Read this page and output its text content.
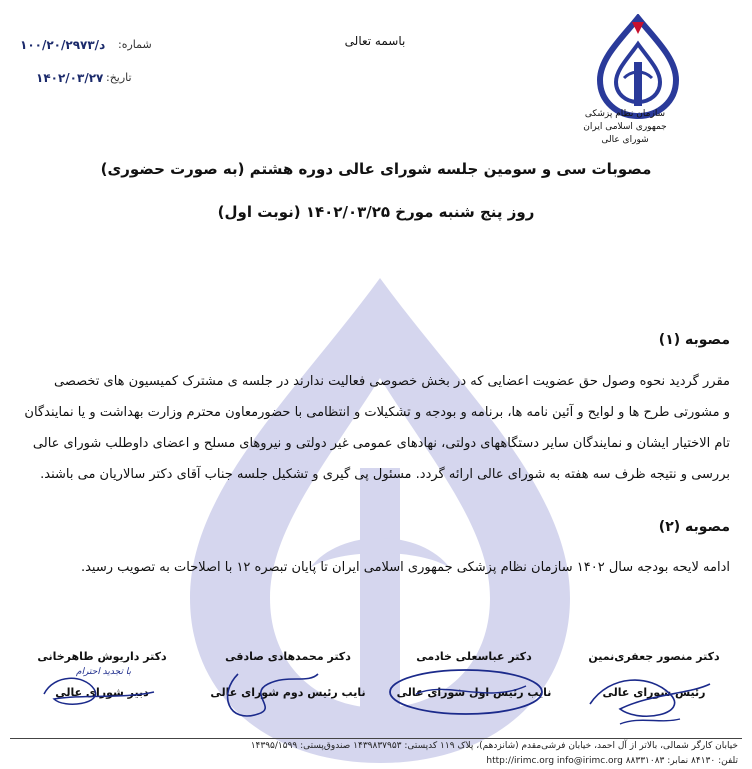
سازمان نظام پزشکی جمهوری اسلامی ایران
شورای عالی
باسمه تعالی
شماره:
۱۰۰/۲۰/۲۹۷۳/د
تاریخ:
۱۴۰۲/۰۳/۲۷
مصوبات سی و سومین جلسه شورای عالی دوره هشتم (به صورت حضوری)
روز پنج شنبه مورخ ۱۴۰۲/۰۳/۲۵ (نوبت اول)
مصوبه (۱)

مقرر گردید نحوه وصول حق عضویت اعضایی که در بخش خصوصی فعالیت ندارند در جلسه ی مشترک کمیسیون های تخصصی

و مشورتی طرح ها و لوایح و آئین نامه ها، برنامه و بودجه و تشکیلات و انتظامی با حضورمعاون محترم وزارت بهداشت و یا نمایندگان

تام الاختیار ایشان و نمایندگان سایر دستگاههای دولتی، نهادهای عمومی غیر دولتی و نیروهای مسلح و اعضای داوطلب شورای عالی

بررسی و نتیجه ظرف سه هفته به شورای عالی ارائه گردد. مسئول پی گیری و تشکیل جلسه جناب آقای دکتر سالاریان می باشند.

مصوبه (۲)

ادامه لایحه بودجه سال ۱۴۰۲ سازمان نظام پزشکی جمهوری اسلامی ایران تا پایان تبصره ۱۲ با اصلاحات به تصویب رسید.

دکتر منصور جعفری‌نمین
رئیس شورای عالی
دکتر عباسعلی خادمی
نایب رئیس اول شورای عالی
دکتر محمدهادی صادقی
نایب رئیس دوم شورای عالی
دکتر داریوش طاهرخانی
دبیر شورای عالی
با تجدید احترام
خیابان کارگر شمالی، بالاتر از آل احمد، خیابان فرشی‌مقدم (شانزدهم)، پلاک ۱۱۹ کدپستی: ۱۴۳۹۸۳۷۹۵۳ صندوق‌پستی: ۱۴۳۹۵/۱۵۹۹
تلفن: ۸۴۱۳۰ نمابر: ۸۸۳۳۱۰۸۳ http://irimc.org info@irimc.org
